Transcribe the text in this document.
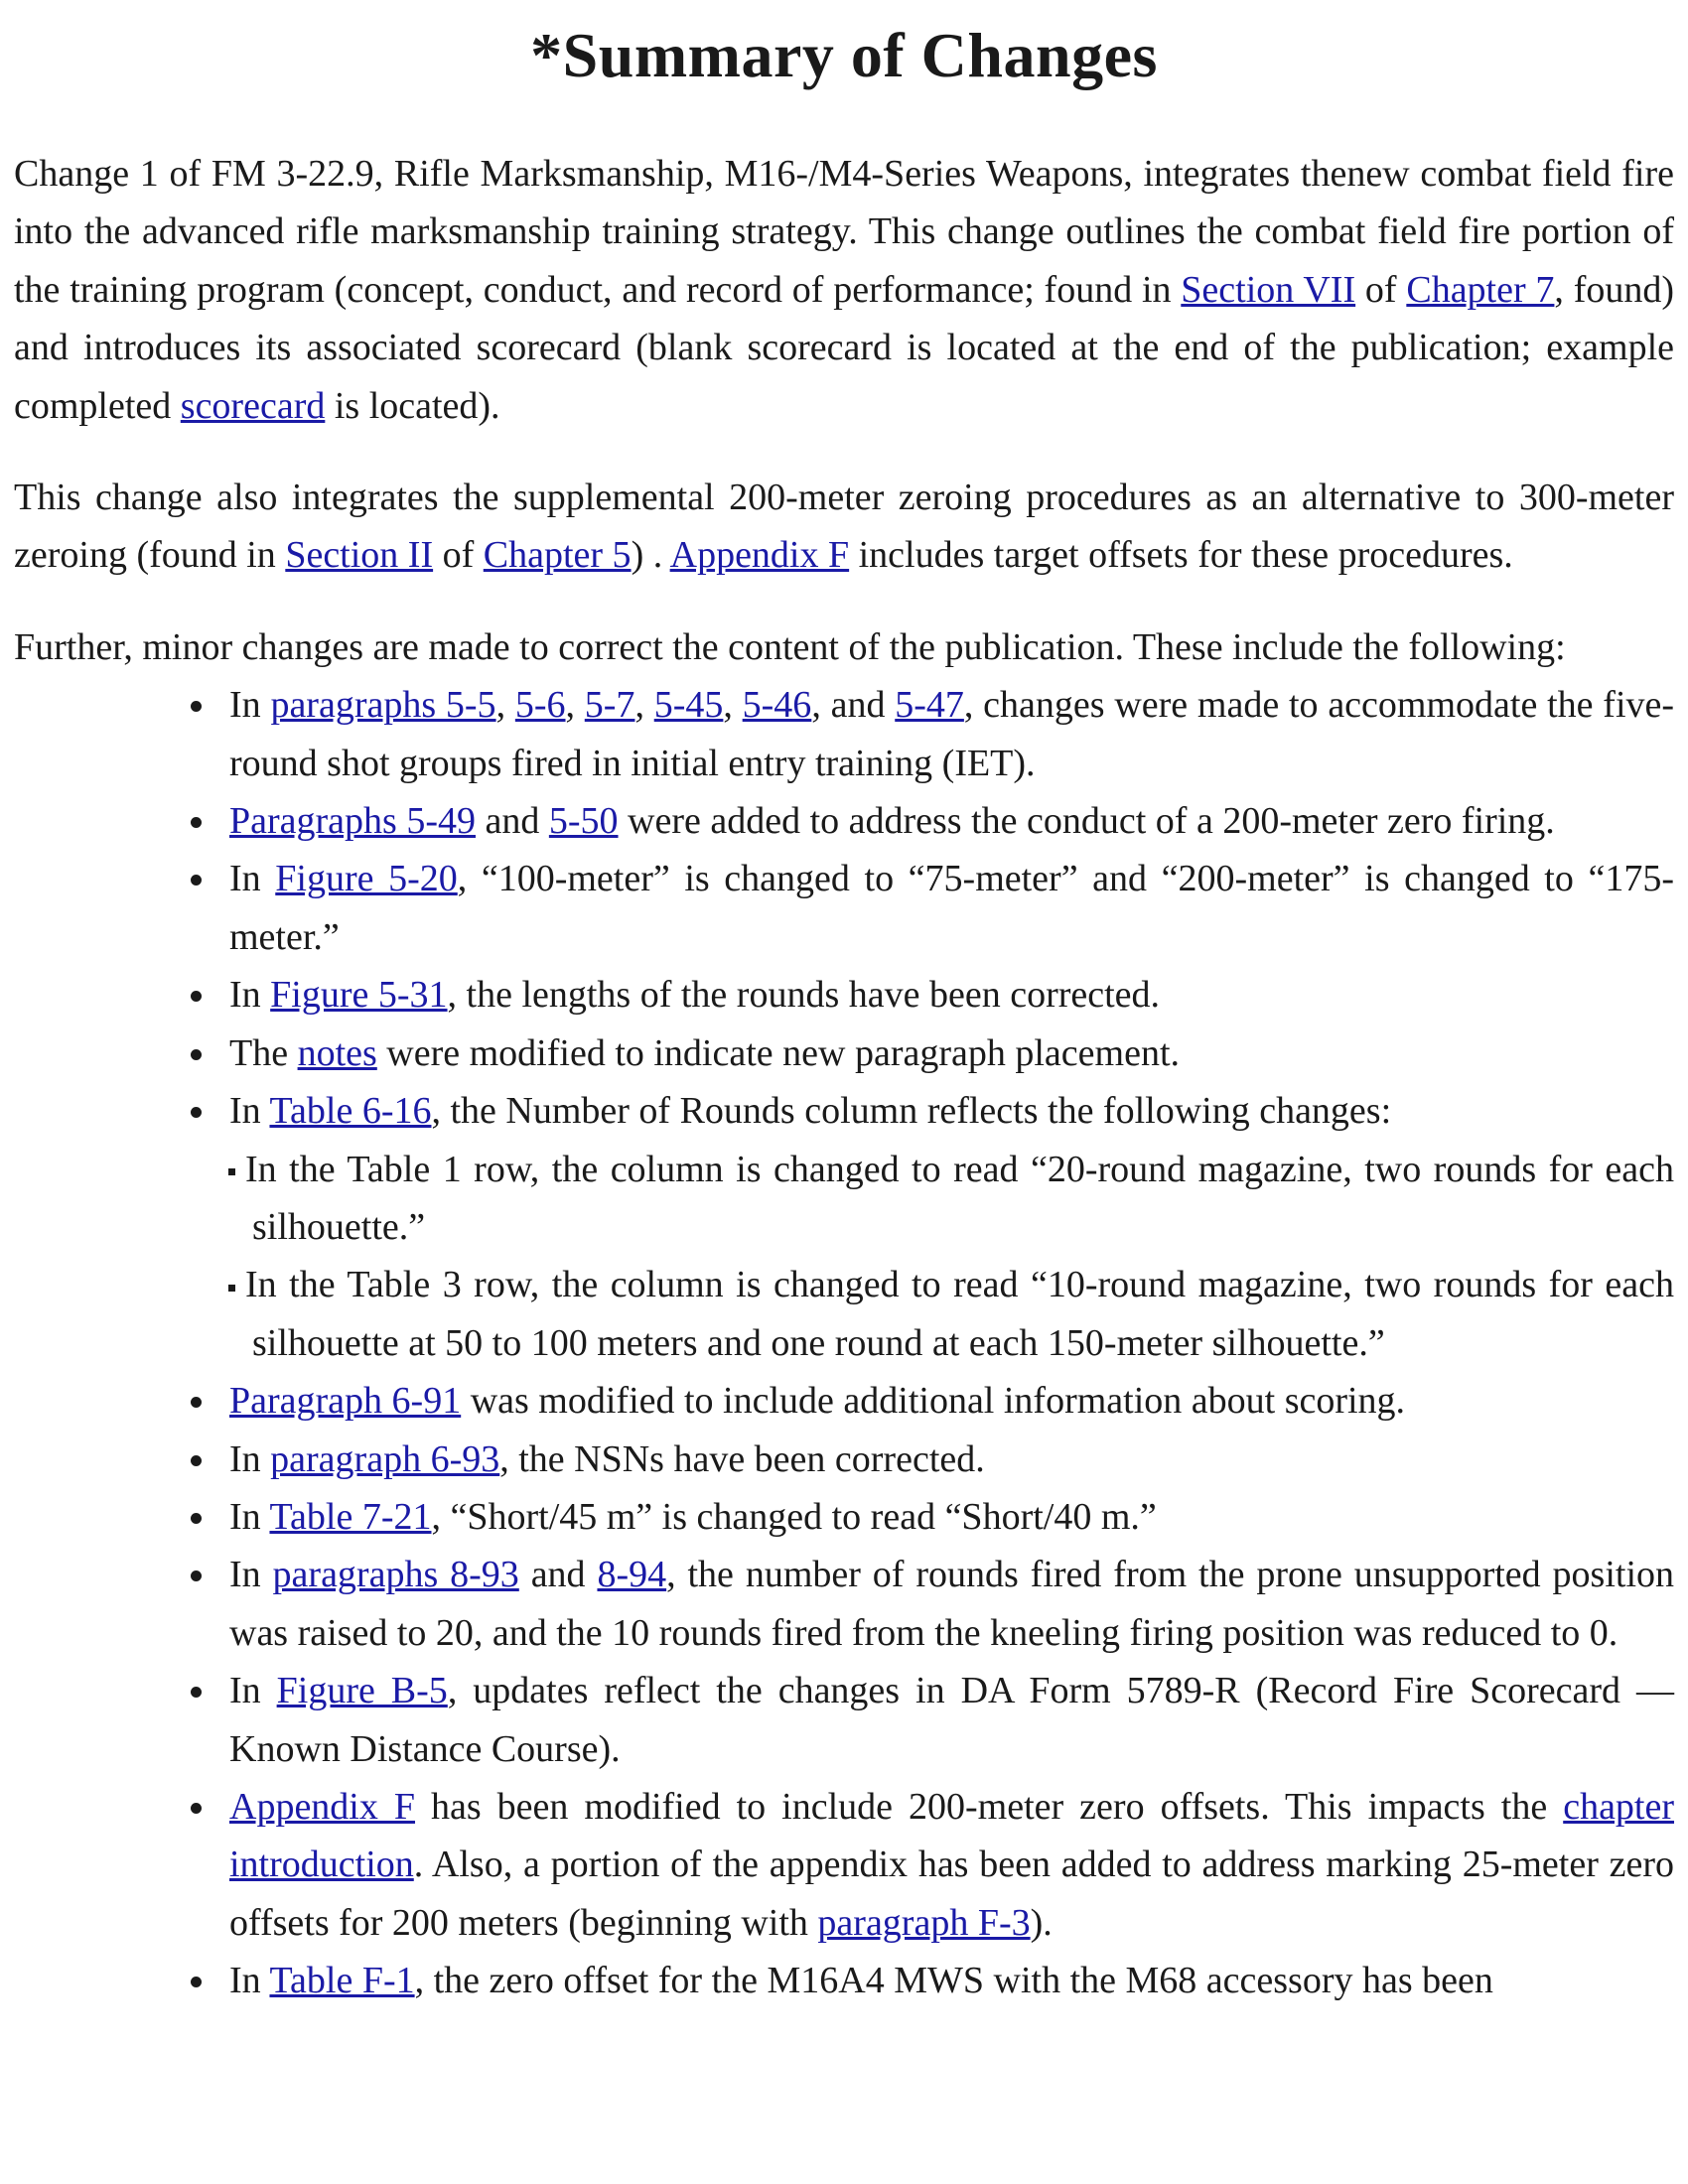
*Summary of Changes

Change 1 of FM 3-22.9, Rifle Marksmanship, M16-/M4-Series Weapons, integrates thenew combat field fire into the advanced rifle marksmanship training strategy. This change outlines the combat field fire portion of the training program (concept, conduct, and record of performance; found in Section VII of Chapter 7, found) and introduces its associated scorecard (blank scorecard is located at the end of the publication; example completed scorecard is located).

This change also integrates the supplemental 200-meter zeroing procedures as an alternative to 300-meter zeroing (found in Section II of Chapter 5) . Appendix F includes target offsets for these procedures.

Further, minor changes are made to correct the content of the publication. These include the following:

In paragraphs 5-5, 5-6, 5-7, 5-45, 5-46, and 5-47, changes were made to accommodate the five-round shot groups fired in initial entry training (IET).
Paragraphs 5-49 and 5-50 were added to address the conduct of a 200-meter zero firing.
In Figure 5-20, “100-meter” is changed to “75-meter” and “200-meter” is changed to “175-meter.”
In Figure 5-31, the lengths of the rounds have been corrected.
The notes were modified to indicate new paragraph placement.
In Table 6-16, the Number of Rounds column reflects the following changes:
In the Table 1 row, the column is changed to read “20-round magazine, two rounds for each silhouette.”
In the Table 3 row, the column is changed to read “10-round magazine, two rounds for each silhouette at 50 to 100 meters and one round at each 150-meter silhouette.”
Paragraph 6-91 was modified to include additional information about scoring.
In paragraph 6-93, the NSNs have been corrected.
In Table 7-21, “Short/45 m” is changed to read “Short/40 m.”
In paragraphs 8-93 and 8-94, the number of rounds fired from the prone unsupported position was raised to 20, and the 10 rounds fired from the kneeling firing position was reduced to 0.
In Figure B-5, updates reflect the changes in DA Form 5789-R (Record Fire Scorecard —Known Distance Course).
Appendix F has been modified to include 200-meter zero offsets. This impacts the chapter introduction. Also, a portion of the appendix has been added to address marking 25-meter zero offsets for 200 meters (beginning with paragraph F-3).
In Table F-1, the zero offset for the M16A4 MWS with the M68 accessory has been
